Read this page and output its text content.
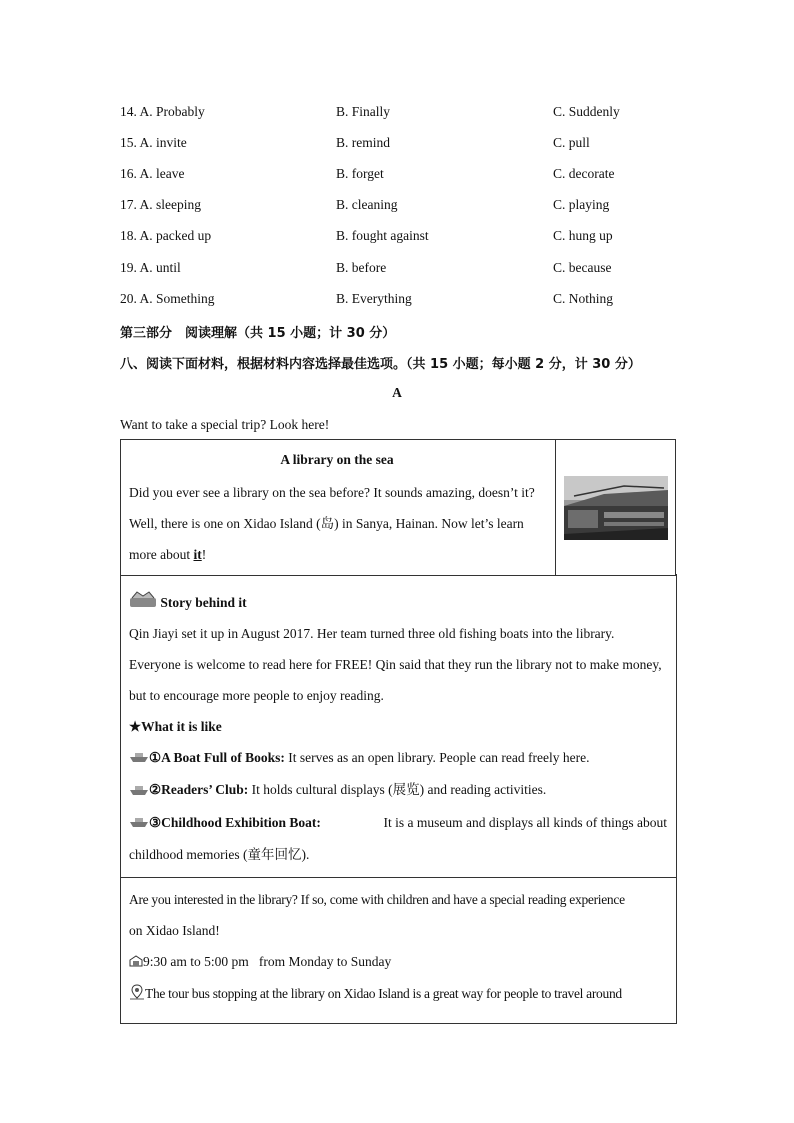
14. A. Probably	B. Finally	C. Suddenly
15. A. invite	B. remind	C. pull
16. A. leave	B. forget	C. decorate
17. A. sleeping	B. cleaning	C. playing
18. A. packed up	B. fought against	C. hung up
19. A. until	B. before	C. because
20. A. Something	B. Everything	C. Nothing
第三部分　阅读理解（共 15 小题；计 30 分）
八、阅读下面材料，根据材料内容选择最佳选项。（共 15 小题；每小题 2 分，计 30 分）
A
Want to take a special trip? Look here!
A library on the sea
Did you ever see a library on the sea before? It sounds amazing, doesn’t it?
Well, there is one on Xidao Island (岛) in Sanya, Hainan. Now let’s learn
more about it!
Story behind it
Qin Jiayi set it up in August 2017. Her team turned three old fishing boats into the library.
Everyone is welcome to read here for FREE! Qin said that they run the library not to make money,
but to encourage more people to enjoy reading.
★What it is like
①A Boat Full of Books: It serves as an open library. People can read freely here.
②Readers’ Club: It holds cultural displays (展览) and reading activities.
③Childhood Exhibition Boat:	It is a museum and displays all kinds of things about
childhood memories (童年回忆).
Are you interested in the library? If so, come with children and have a special reading experience
on Xidao Island!
9:30 am to 5:00 pm from Monday to Sunday
The tour bus stopping at the library on Xidao Island is a great way for people to travel around
